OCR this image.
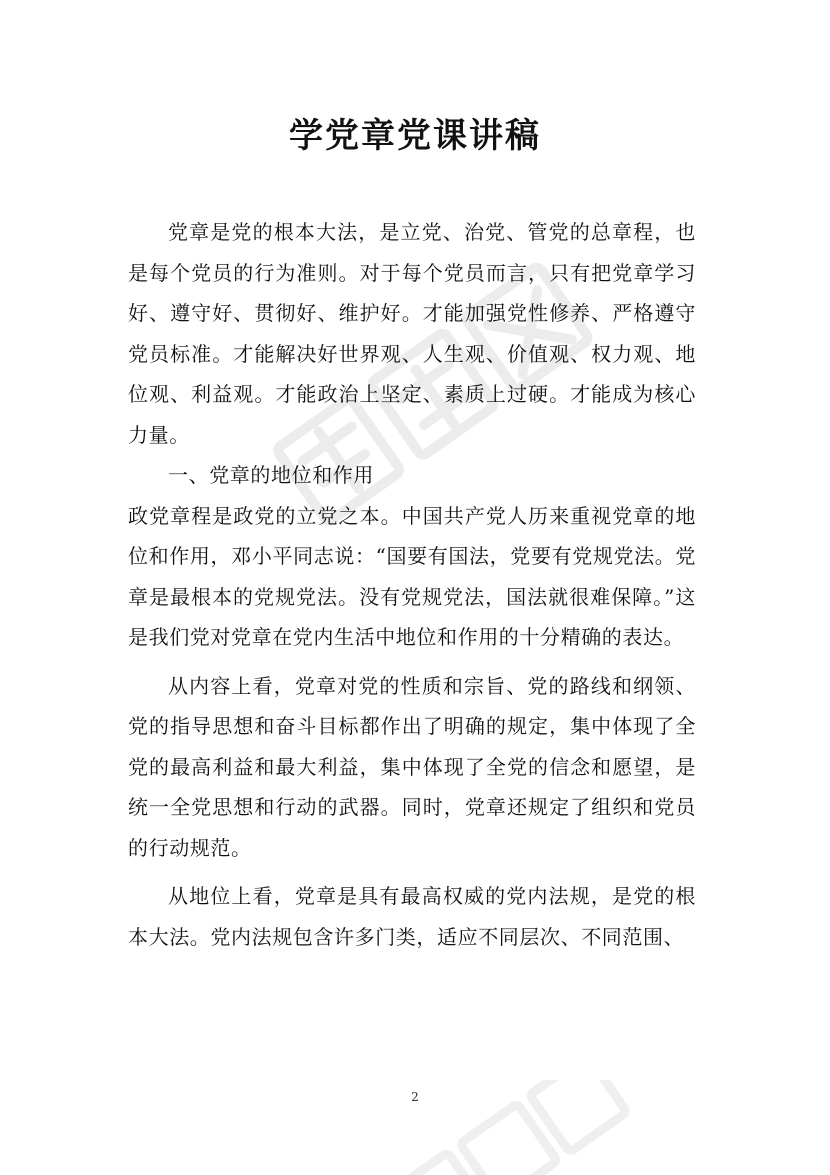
学党章党课讲稿

党章是党的根本大法，是立党、治党、管党的总章程，也是每个党员的行为准则。对于每个党员而言，只有把党章学习好、遵守好、贯彻好、维护好。才能加强党性修养、严格遵守党员标准。才能解决好世界观、人生观、价值观、权力观、地位观、利益观。才能政治上坚定、素质上过硬。才能成为核心力量。

一、党章的地位和作用

政党章程是政党的立党之本。中国共产党人历来重视党章的地位和作用，邓小平同志说：“国要有国法，党要有党规党法。党章是最根本的党规党法。没有党规党法，国法就很难保障。”这是我们党对党章在党内生活中地位和作用的十分精确的表达。

从内容上看，党章对党的性质和宗旨、党的路线和纲领、党的指导思想和奋斗目标都作出了明确的规定，集中体现了全党的最高利益和最大利益，集中体现了全党的信念和愿望，是统一全党思想和行动的武器。同时，党章还规定了组织和党员的行动规范。

从地位上看，党章是具有最高权威的党内法规，是党的根本大法。党内法规包含许多门类，适应不同层次、不同范围、

2
